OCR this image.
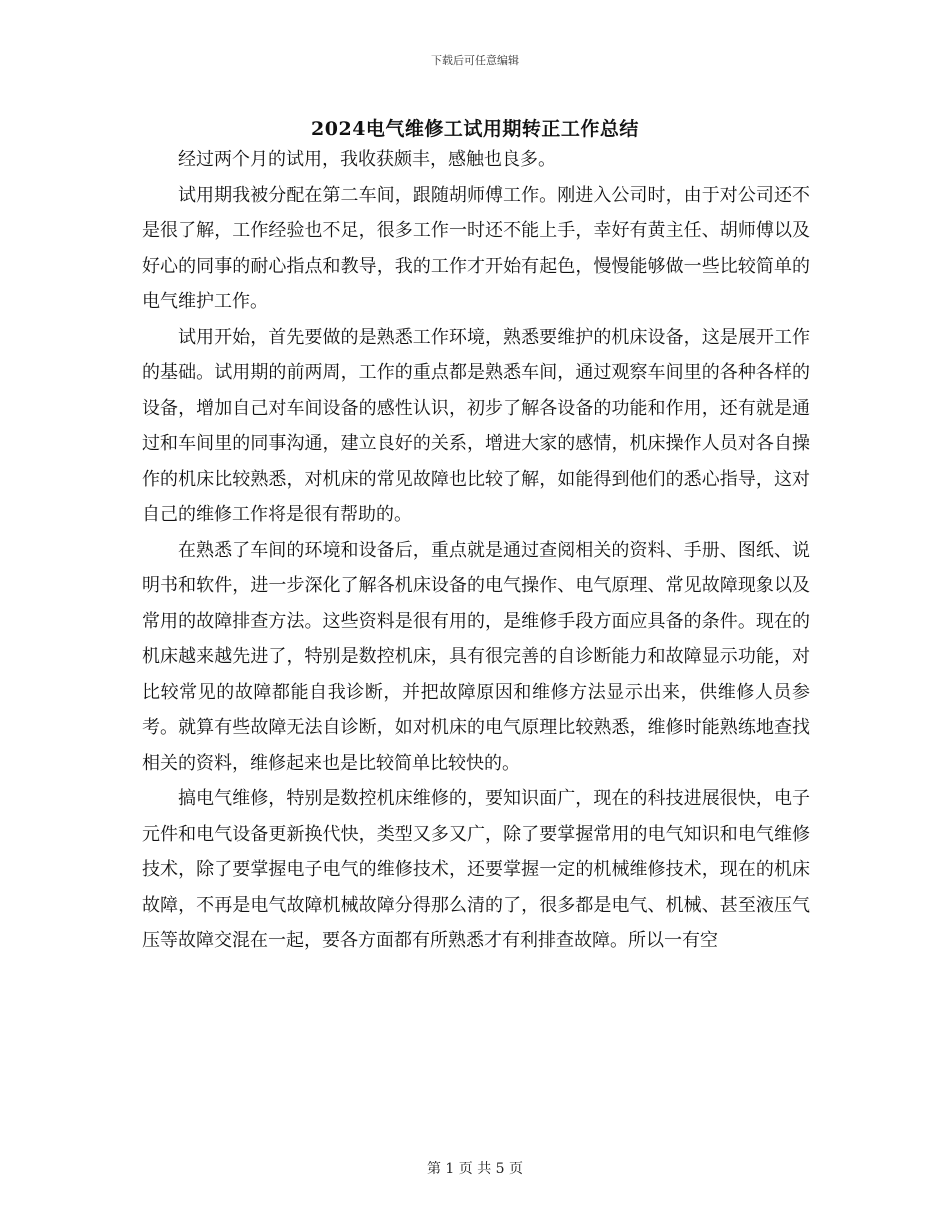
下载后可任意编辑
2024电气维修工试用期转正工作总结

经过两个月的试用，我收获颇丰，感触也良多。

试用期我被分配在第二车间，跟随胡师傅工作。刚进入公司时，由于对公司还不是很了解，工作经验也不足，很多工作一时还不能上手，幸好有黄主任、胡师傅以及好心的同事的耐心指点和教导，我的工作才开始有起色，慢慢能够做一些比较简单的电气维护工作。

试用开始，首先要做的是熟悉工作环境，熟悉要维护的机床设备，这是展开工作的基础。试用期的前两周，工作的重点都是熟悉车间，通过观察车间里的各种各样的设备，增加自己对车间设备的感性认识，初步了解各设备的功能和作用，还有就是通过和车间里的同事沟通，建立良好的关系，增进大家的感情，机床操作人员对各自操作的机床比较熟悉，对机床的常见故障也比较了解，如能得到他们的悉心指导，这对自己的维修工作将是很有帮助的。

在熟悉了车间的环境和设备后，重点就是通过查阅相关的资料、手册、图纸、说明书和软件，进一步深化了解各机床设备的电气操作、电气原理、常见故障现象以及常用的故障排查方法。这些资料是很有用的，是维修手段方面应具备的条件。现在的机床越来越先进了，特别是数控机床，具有很完善的自诊断能力和故障显示功能，对比较常见的故障都能自我诊断，并把故障原因和维修方法显示出来，供维修人员参考。就算有些故障无法自诊断，如对机床的电气原理比较熟悉，维修时能熟练地查找相关的资料，维修起来也是比较简单比较快的。

搞电气维修，特别是数控机床维修的，要知识面广，现在的科技进展很快，电子元件和电气设备更新换代快，类型又多又广，除了要掌握常用的电气知识和电气维修技术，除了要掌握电子电气的维修技术，还要掌握一定的机械维修技术，现在的机床故障，不再是电气故障机械故障分得那么清的了，很多都是电气、机械、甚至液压气压等故障交混在一起，要各方面都有所熟悉才有利排查故障。所以一有空

第 1 页 共 5 页
